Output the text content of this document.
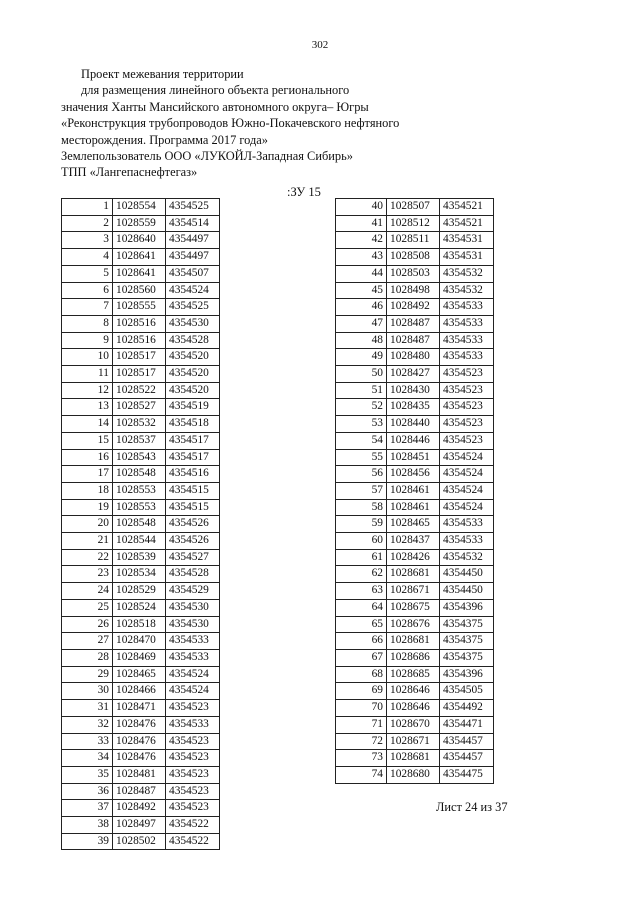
302
Проект межевания территории
для размещения линейного объекта регионального
значения Ханты Мансийского автономного округа– Югры
«Реконструкция трубопроводов Южно-Покачевского нефтяного
месторождения. Программа 2017 года»
Землепользователь ООО «ЛУКОЙЛ-Западная Сибирь»
ТПП «Лангепаснефтегаз»
:ЗУ 15
1	1028554	4354525
2	1028559	4354514
3	1028640	4354497
4	1028641	4354497
5	1028641	4354507
6	1028560	4354524
7	1028555	4354525
8	1028516	4354530
9	1028516	4354528
10	1028517	4354520
11	1028517	4354520
12	1028522	4354520
13	1028527	4354519
14	1028532	4354518
15	1028537	4354517
16	1028543	4354517
17	1028548	4354516
18	1028553	4354515
19	1028553	4354515
20	1028548	4354526
21	1028544	4354526
22	1028539	4354527
23	1028534	4354528
24	1028529	4354529
25	1028524	4354530
26	1028518	4354530
27	1028470	4354533
28	1028469	4354533
29	1028465	4354524
30	1028466	4354524
31	1028471	4354523
32	1028476	4354533
33	1028476	4354523
34	1028476	4354523
35	1028481	4354523
36	1028487	4354523
37	1028492	4354523
38	1028497	4354522
39	1028502	4354522
40	1028507	4354521
41	1028512	4354521
42	1028511	4354531
43	1028508	4354531
44	1028503	4354532
45	1028498	4354532
46	1028492	4354533
47	1028487	4354533
48	1028487	4354533
49	1028480	4354533
50	1028427	4354523
51	1028430	4354523
52	1028435	4354523
53	1028440	4354523
54	1028446	4354523
55	1028451	4354524
56	1028456	4354524
57	1028461	4354524
58	1028461	4354524
59	1028465	4354533
60	1028437	4354533
61	1028426	4354532
62	1028681	4354450
63	1028671	4354450
64	1028675	4354396
65	1028676	4354375
66	1028681	4354375
67	1028686	4354375
68	1028685	4354396
69	1028646	4354505
70	1028646	4354492
71	1028670	4354471
72	1028671	4354457
73	1028681	4354457
74	1028680	4354475
Лист 24 из 37
